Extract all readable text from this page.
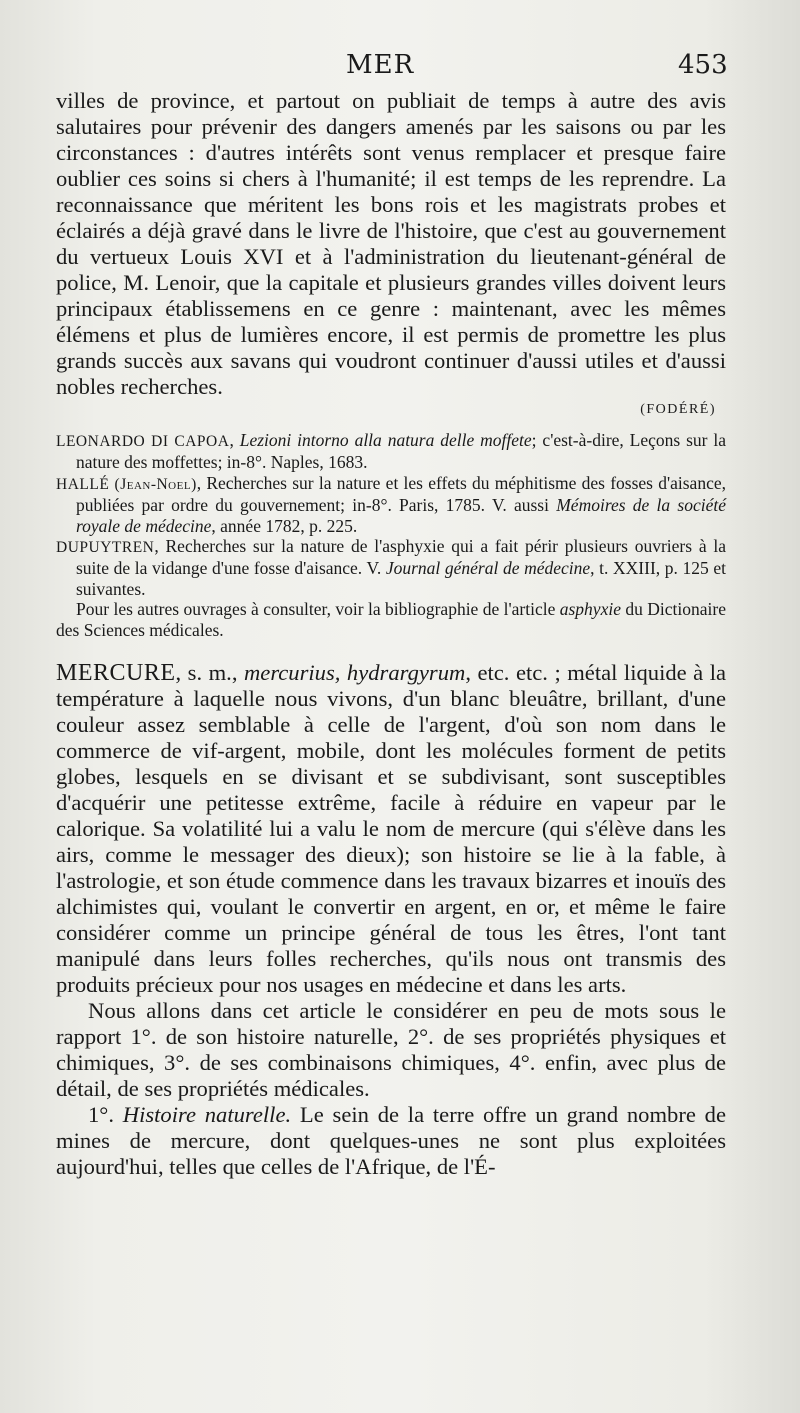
MER	453

villes de province, et partout on publiait de temps à autre des avis salutaires pour prévenir des dangers amenés par les saisons ou par les circonstances : d'autres intérêts sont venus remplacer et presque faire oublier ces soins si chers à l'humanité; il est temps de les reprendre. La reconnaissance que méritent les bons rois et les magistrats probes et éclairés a déjà gravé dans le livre de l'histoire, que c'est au gouvernement du vertueux Louis XVI et à l'administration du lieutenant-général de police, M. Lenoir, que la capitale et plusieurs grandes villes doivent leurs principaux établissemens en ce genre : maintenant, avec les mêmes élémens et plus de lumières encore, il est permis de promettre les plus grands succès aux savans qui voudront continuer d'aussi utiles et d'aussi nobles recherches.

(FODÉRÉ)

LEONARDO DI CAPOA, Lezioni intorno alla natura delle moffete; c'est-à-dire, Leçons sur la nature des moffettes; in-8°. Naples, 1683.

HALLÉ (Jean-Noel), Recherches sur la nature et les effets du méphitisme des fosses d'aisance, publiées par ordre du gouvernement; in-8°. Paris, 1785. V. aussi Mémoires de la société royale de médecine, année 1782, p. 225.

DUPUYTREN, Recherches sur la nature de l'asphyxie qui a fait périr plusieurs ouvriers à la suite de la vidange d'une fosse d'aisance. V. Journal général de médecine, t. XXIII, p. 125 et suivantes.

Pour les autres ouvrages à consulter, voir la bibliographie de l'article asphyxie du Dictionaire des Sciences médicales.

MERCURE, s. m., mercurius, hydrargyrum, etc. etc. ; métal liquide à la température à laquelle nous vivons, d'un blanc bleuâtre, brillant, d'une couleur assez semblable à celle de l'argent, d'où son nom dans le commerce de vif-argent, mobile, dont les molécules forment de petits globes, lesquels en se divisant et se subdivisant, sont susceptibles d'acquérir une petitesse extrême, facile à réduire en vapeur par le calorique. Sa volatilité lui a valu le nom de mercure (qui s'élève dans les airs, comme le messager des dieux); son histoire se lie à la fable, à l'astrologie, et son étude commence dans les travaux bizarres et inouïs des alchimistes qui, voulant le convertir en argent, en or, et même le faire considérer comme un principe général de tous les êtres, l'ont tant manipulé dans leurs folles recherches, qu'ils nous ont transmis des produits précieux pour nos usages en médecine et dans les arts.

Nous allons dans cet article le considérer en peu de mots sous le rapport 1°. de son histoire naturelle, 2°. de ses propriétés physiques et chimiques, 3°. de ses combinaisons chimiques, 4°. enfin, avec plus de détail, de ses propriétés médicales.

1°. Histoire naturelle. Le sein de la terre offre un grand nombre de mines de mercure, dont quelques-unes ne sont plus exploitées aujourd'hui, telles que celles de l'Afrique, de l'É-
